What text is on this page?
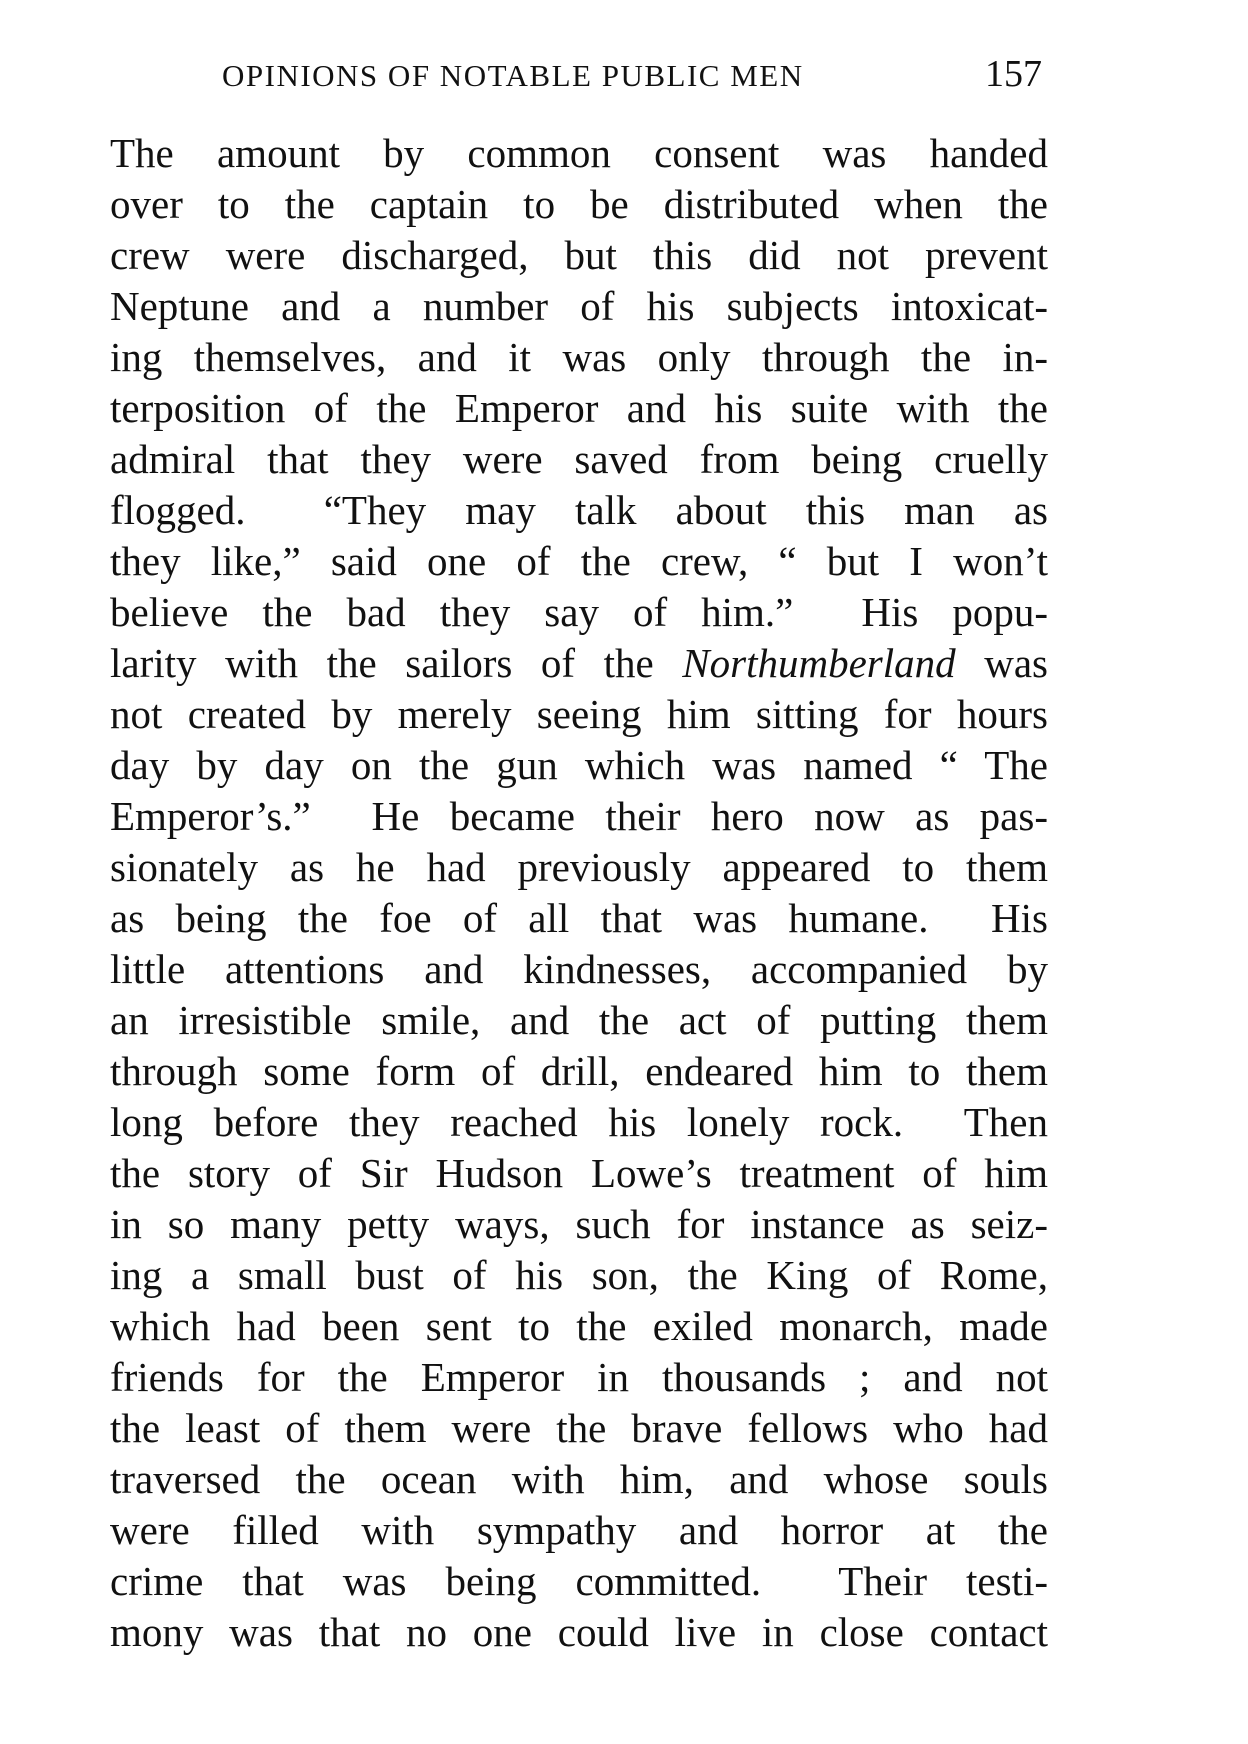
OPINIONS OF NOTABLE PUBLIC MEN	157
The amount by common consent was handed
over to the captain to be distributed when the
crew were discharged, but this did not prevent
Neptune and a number of his subjects intoxicat-
ing themselves, and it was only through the in-
terposition of the Emperor and his suite with the
admiral that they were saved from being cruelly
flogged.  “They may talk about this man as
they like,” said one of the crew, “ but I won’t
believe the bad they say of him.”  His popu-
larity with the sailors of the Northumberland was
not created by merely seeing him sitting for hours
day by day on the gun which was named “ The
Emperor’s.”  He became their hero now as pas-
sionately as he had previously appeared to them
as being the foe of all that was humane.  His
little attentions and kindnesses, accompanied by
an irresistible smile, and the act of putting them
through some form of drill, endeared him to them
long before they reached his lonely rock.  Then
the story of Sir Hudson Lowe’s treatment of him
in so many petty ways, such for instance as seiz-
ing a small bust of his son, the King of Rome,
which had been sent to the exiled monarch, made
friends for the Emperor in thousands ; and not
the least of them were the brave fellows who had
traversed the ocean with him, and whose souls
were filled with sympathy and horror at the
crime that was being committed.  Their testi-
mony was that no one could live in close contact
